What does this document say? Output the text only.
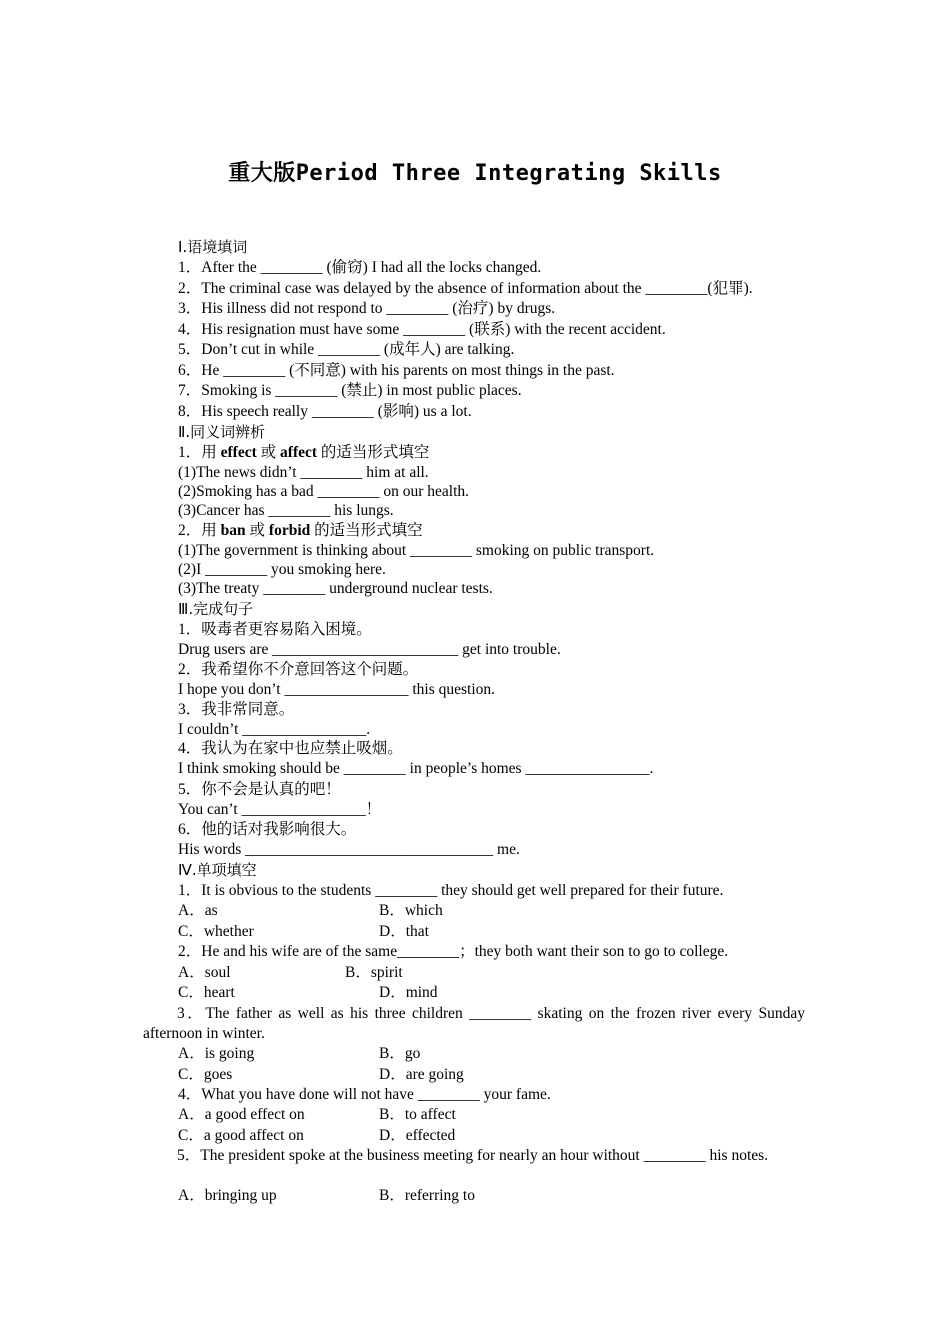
重大版Period Three Integrating Skills
Ⅰ.语境填词
1．After the ________ (偷窃) I had all the locks changed.
2．The criminal case was delayed by the absence of information about the ________(犯罪).
3．His illness did not respond to ________ (治疗) by drugs.
4．His resignation must have some ________ (联系) with the recent accident.
5．Don’t cut in while ________ (成年人) are talking.
6．He ________ (不同意) with his parents on most things in the past.
7．Smoking is ________ (禁止) in most public places.
8．His speech really ________ (影响) us a lot.
Ⅱ.同义词辨析
1．用 effect 或 affect 的适当形式填空
(1)The news didn’t ________ him at all.
(2)Smoking has a bad ________ on our health.
(3)Cancer has ________ his lungs.
2．用 ban 或 forbid 的适当形式填空
(1)The government is thinking about ________ smoking on public transport.
(2)I ________ you smoking here.
(3)The treaty ________ underground nuclear tests.
Ⅲ.完成句子
1．吸毒者更容易陷入困境。
Drug users are ________________________ get into trouble.
2．我希望你不介意回答这个问题。
I hope you don’t ________________ this question.
3．我非常同意。
I couldn’t ________________.
4．我认为在家中也应禁止吸烟。
I think smoking should be ________ in people’s homes ________________.
5．你不会是认真的吧！
You can’t ________________！
6．他的话对我影响很大。
His words ________________________________ me.
Ⅳ.单项填空
1．It is obvious to the students ________ they should get well prepared for their future.
A．as	B．which
C．whether	D．that
2．He and his wife are of the same________；they both want their son to go to college.
A．soul	B．spirit
C．heart	D．mind
3．The father as well as his three children ________ skating on the frozen river every Sunday afternoon in winter.
A．is going	B．go
C．goes	D．are going
4．What you have done will not have ________ your fame.
A．a good effect on	B．to affect
C．a good affect on	D．effected
5．The president spoke at the business meeting for nearly an hour without ________ his notes.
A．bringing up	B．referring to
